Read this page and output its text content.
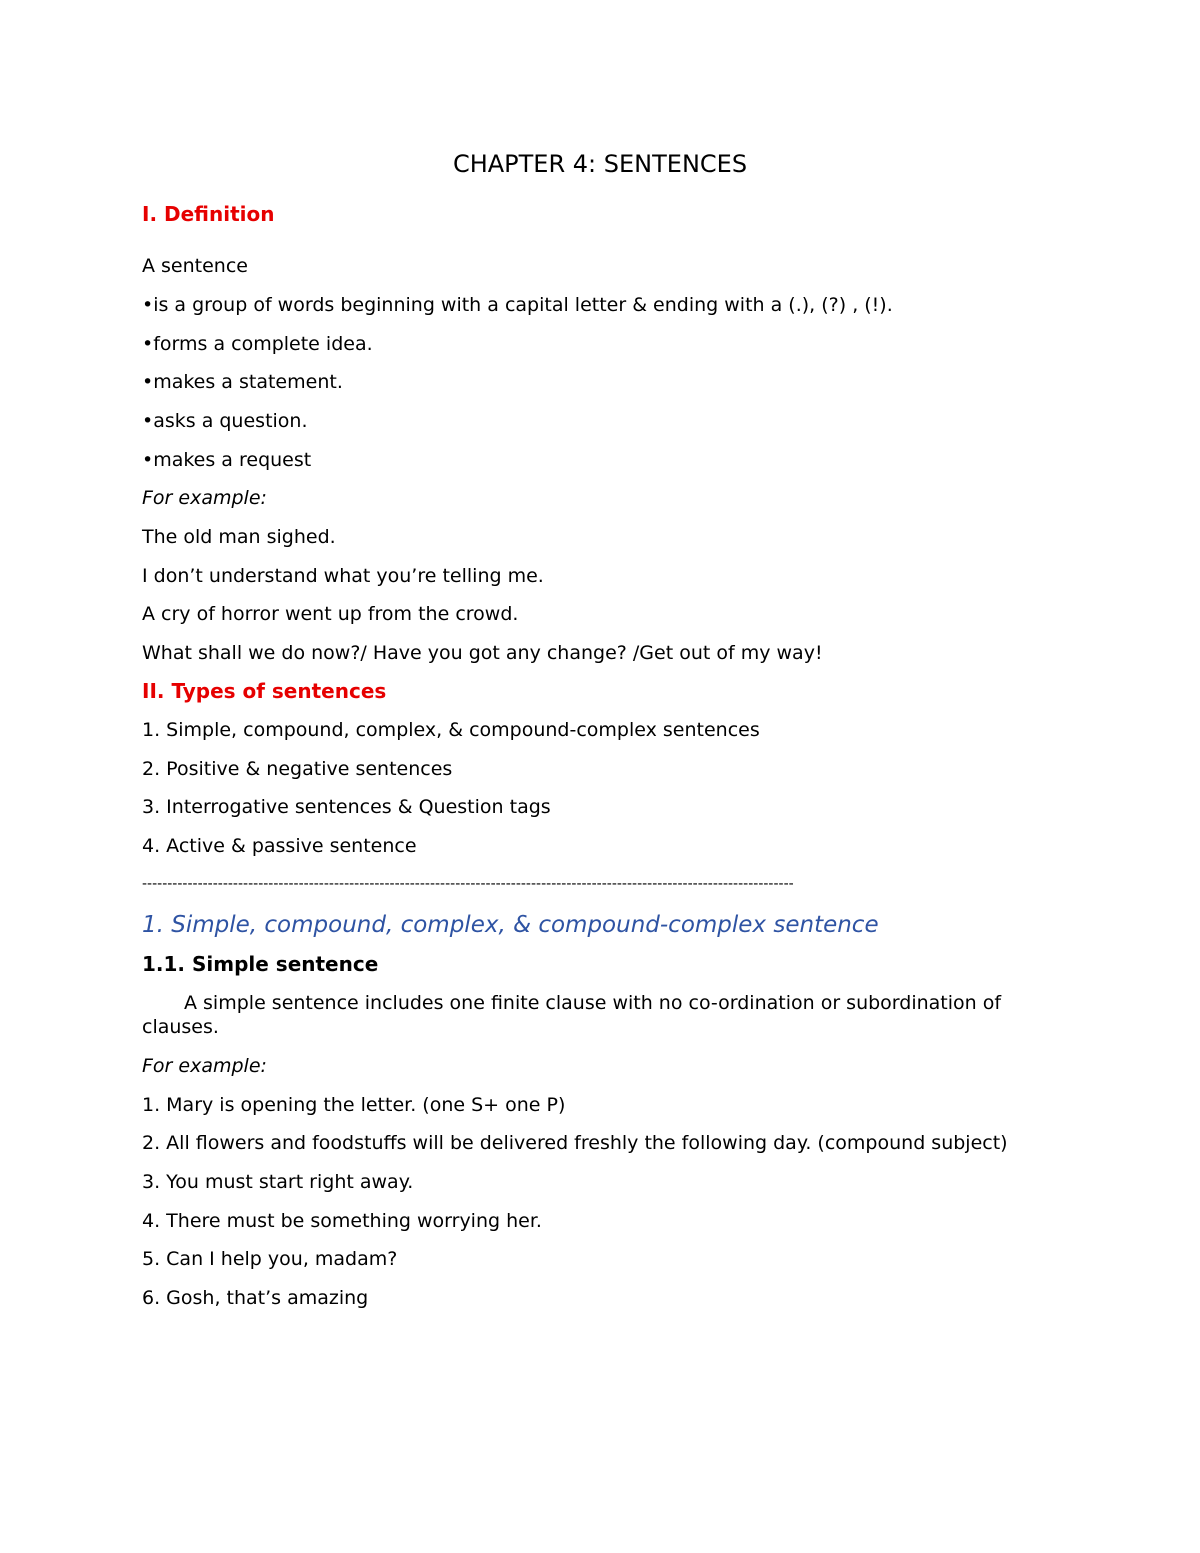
CHAPTER 4: SENTENCES
I. Definition
A sentence
•is a group of words beginning with a capital letter & ending with a (.), (?) , (!).
•forms a complete idea.
•makes a statement.
•asks a question.
•makes a request
For example:
The old man sighed.
I don’t understand what you’re telling me.
A cry of horror went up from the crowd.
What shall we do now?/ Have you got any change? /Get out of my way!
II. Types of sentences
1. Simple, compound, complex, & compound-complex sentences
2. Positive & negative sentences
3. Interrogative sentences & Question tags
4. Active & passive sentence
---------------------------------------------------------------------------------------------------------------------------------
1. Simple, compound, complex, & compound-complex sentence
1.1. Simple sentence
A simple sentence includes one finite clause with no co-ordination or subordination of clauses.
For example:
1. Mary is opening the letter. (one S+ one P)
2. All flowers and foodstuffs will be delivered freshly the following day. (compound subject)
3. You must start right away.
4. There must be something worrying her.
5. Can I help you, madam?
6. Gosh, that’s amazing
